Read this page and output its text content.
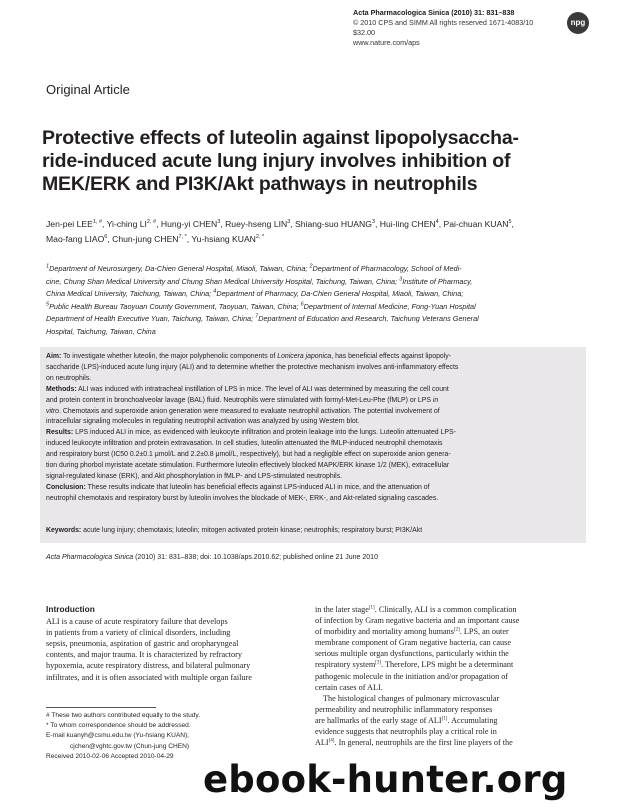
Acta Pharmacologica Sinica (2010) 31: 831–838
© 2010 CPS and SIMM All rights reserved 1671-4083/10 $32.00
www.nature.com/aps
npg
Original Article
Protective effects of luteolin against lipopolysaccha-
ride-induced acute lung injury involves inhibition of
MEK/ERK and PI3K/Akt pathways in neutrophils
Jen-pei $LEE^{1, \#}$, Yi-ching $LI^{2, \#}$, Hung-yi CHEN$^3$, Ruey-hseng LIN$^3$, Shiang-suo HUANG$^3$, Hui-ling CHEN$^4$, Pai-chuan KUAN$^5$,
Mao-fang LIAO$^6$, Chun-jung $CHEN^{7, *}$, Yu-hsiang $KUAN^{2, *}$
$^1$Department of Neurosurgery, Da-Chien General Hospital, Miaoli, Taiwan, China; $^2$Department of Pharmacology, School of Medi-
cine, Chung Shan Medical University and Chung Shan Medical University Hospital, Taichung, Taiwan, China; $^3$Institute of Pharmacy,
China Medical University, Taichung, Taiwan, China; $^4$Department of Pharmacy, Da-Chien General Hospital, Miaoli, Taiwan, China;
$^5$Public Health Bureau Taoyuan County Government, Taoyuan, Taiwan, China; $^6$Department of Internal Medicine, Fong-Yuan Hospital
Department of Health Executive Yuan, Taichung, Taiwan, China; $^7$Department of Education and Research, Taichung Veterans General
Hospital, Taichung, Taiwan, China
Aim: To investigate whether luteolin, the major polyphenolic components of Lonicera japonica, has beneficial effects against lipopoly-
saccharide (LPS)-induced acute lung injury (ALI) and to determine whether the protective mechanism involves anti-inflammatory effects
on neutrophils.
Methods: ALI was induced with intratracheal instillation of LPS in mice. The level of ALI was determined by measuring the cell count
and protein content in bronchoalveolar lavage (BAL) fluid. Neutrophils were stimulated with formyl-Met-Leu-Phe (fMLP) or LPS in
vitro. Chemotaxis and superoxide anion generation were measured to evaluate neutrophil activation. The potential involvement of
intracellular signaling molecules in regulating neutrophil activation was analyzed by using Western blot.
Results: LPS induced ALI in mice, as evidenced with leukocyte infiltration and protein leakage into the lungs. Luteolin attenuated LPS-
induced leukocyte infiltration and protein extravasation. In cell studies, luteolin attenuated the fMLP-induced neutrophil chemotaxis
and respiratory burst (IC50 0.2±0.1 μmol/L and 2.2±0.8 μmol/L, respectively), but had a negligible effect on superoxide anion genera-
tion during phorbol myristate acetate stimulation. Furthermore luteolin effectively blocked MAPK/ERK kinase 1/2 (MEK), extracellular
signal-regulated kinase (ERK), and Akt phosphorylation in fMLP- and LPS-stimulated neutrophils.
Conclusion: These results indicate that luteolin has beneficial effects against LPS-induced ALI in mice, and the attenuation of
neutrophil chemotaxis and respiratory burst by luteolin involves the blockade of MEK-, ERK-, and Akt-related signaling cascades.
Keywords: acute lung injury; chemotaxis; luteolin; mitogen activated protein kinase; neutrophils; respiratory burst; PI3K/Akt
Acta Pharmacologica Sinica (2010) 31: 831–838; doi: 10.1038/aps.2010.62; published online 21 June 2010
Introduction
ALI is a cause of acute respiratory failure that develops
in patients from a variety of clinical disorders, including
sepsis, pneumonia, aspiration of gastric and oropharyngeal
contents, and major trauma. It is characterized by refractory
hypoxemia, acute respiratory distress, and bilateral pulmonary
infiltrates, and it is often associated with multiple organ failure
in the later stage[1]. Clinically, ALI is a common complication
of infection by Gram negative bacteria and an important cause
of morbidity and mortality among humans[2]. LPS, an outer
membrane component of Gram negative bacteria, can cause
serious multiple organ dysfunctions, particularly within the
respiratory system[3]. Therefore, LPS might be a determinant
pathogenic molecule in the initiation and/or propagation of
certain cases of ALI.
The histological changes of pulmonary microvascular
permeability and neutrophilic inflammatory responses
are hallmarks of the early stage of ALI[1]. Accumulating
evidence suggests that neutrophils play a critical role in
ALI[4]. In general, neutrophils are the first line players of the
# These two authors contributed equally to the study.
* To whom correspondence should be addressed.
E-mail kuanyh@csmu.edu.tw (Yu-hsiang KUAN);
cjchen@vghtc.gov.tw (Chun-jung CHEN)
Received 2010-02-06 Accepted 2010-04-29
ebook-hunter.org
